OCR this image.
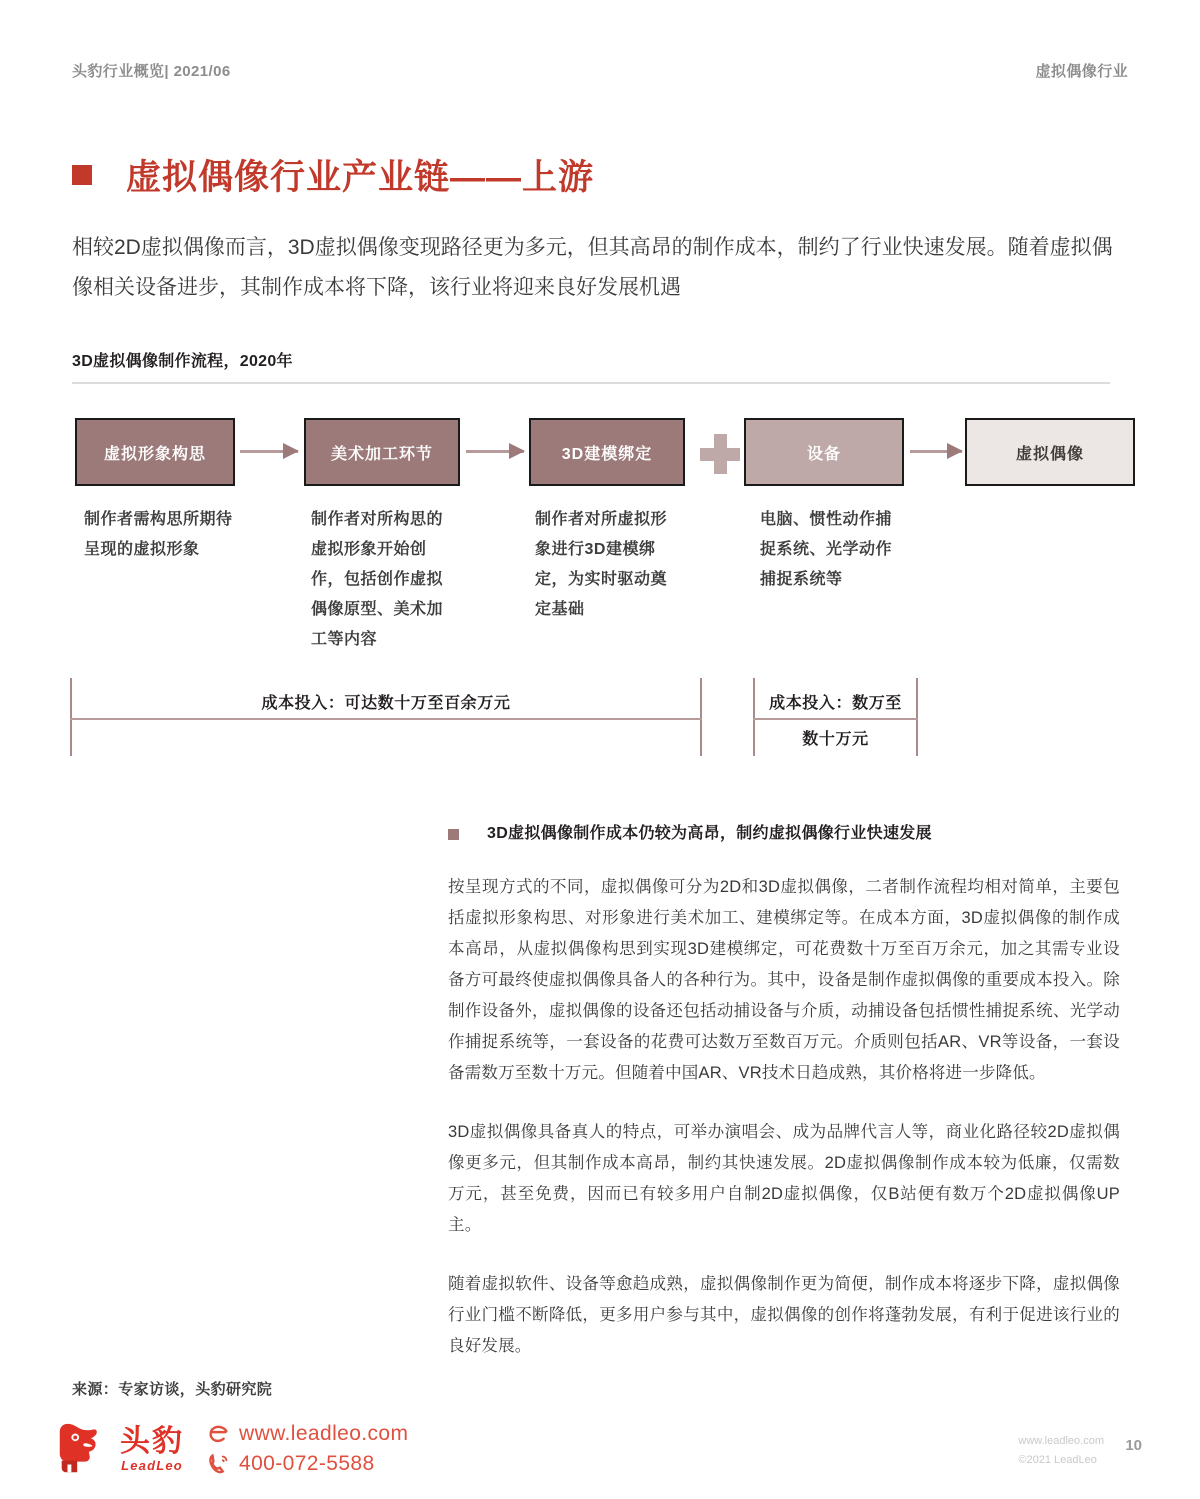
头豹行业概览| 2021/06	虚拟偶像行业
虚拟偶像行业产业链——上游
相较2D虚拟偶像而言，3D虚拟偶像变现路径更为多元，但其高昂的制作成本，制约了行业快速发展。随着虚拟偶像相关设备进步，其制作成本将下降，该行业将迎来良好发展机遇
3D虚拟偶像制作流程，2020年
虚拟形象构思	美术加工环节	3D建模绑定	设备	虚拟偶像
制作者需构思所期待呈现的虚拟形象
制作者对所构思的虚拟形象开始创作，包括创作虚拟偶像原型、美术加工等内容
制作者对所虚拟形象进行3D建模绑定，为实时驱动奠定基础
电脑、惯性动作捕捉系统、光学动作捕捉系统等
成本投入：可达数十万至百余万元	成本投入：数万至
数十万元
3D虚拟偶像制作成本仍较为高昂，制约虚拟偶像行业快速发展

按呈现方式的不同，虚拟偶像可分为2D和3D虚拟偶像，二者制作流程均相对简单，主要包括虚拟形象构思、对形象进行美术加工、建模绑定等。在成本方面，3D虚拟偶像的制作成本高昂，从虚拟偶像构思到实现3D建模绑定，可花费数十万至百万余元，加之其需专业设备方可最终使虚拟偶像具备人的各种行为。其中，设备是制作虚拟偶像的重要成本投入。除制作设备外，虚拟偶像的设备还包括动捕设备与介质，动捕设备包括惯性捕捉系统、光学动作捕捉系统等，一套设备的花费可达数万至数百万元。介质则包括AR、VR等设备，一套设备需数万至数十万元。但随着中国AR、VR技术日趋成熟，其价格将进一步降低。

3D虚拟偶像具备真人的特点，可举办演唱会、成为品牌代言人等，商业化路径较2D虚拟偶像更多元，但其制作成本高昂，制约其快速发展。2D虚拟偶像制作成本较为低廉，仅需数万元，甚至免费，因而已有较多用户自制2D虚拟偶像，仅B站便有数万个2D虚拟偶像UP主。

随着虚拟软件、设备等愈趋成熟，虚拟偶像制作更为简便，制作成本将逐步下降，虚拟偶像行业门槛不断降低，更多用户参与其中，虚拟偶像的创作将蓬勃发展，有利于促进该行业的良好发展。

来源：专家访谈，头豹研究院
头豹
LeadLeo
www.leadleo.com
400-072-5588
www.leadleo.com
©2021 LeadLeo
10
